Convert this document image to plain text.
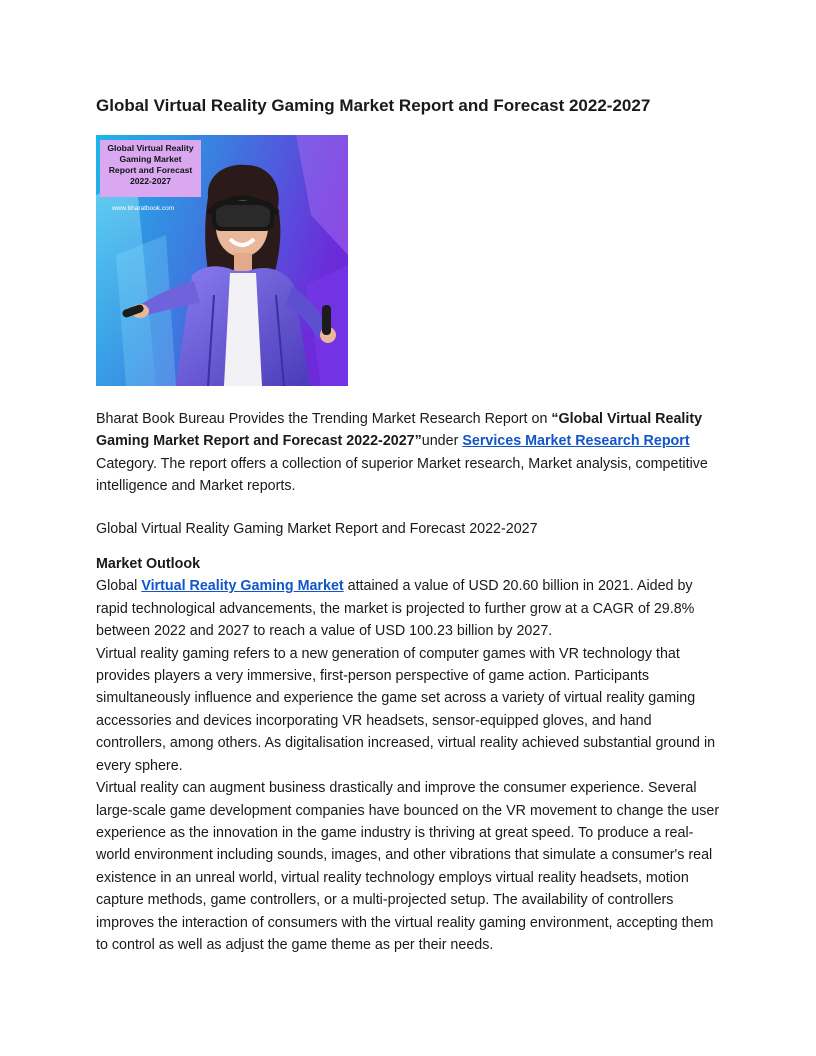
Global Virtual Reality Gaming Market Report and Forecast 2022-2027
Global Virtual Reality
Gaming Market
Report and Forecast
2022-2027
www.bharatbook.com

Bharat Book Bureau Provides the Trending Market Research Report on “Global Virtual Reality Gaming Market Report and Forecast 2022-2027”under Services Market Research Report Category. The report offers a collection of superior Market research, Market analysis, competitive intelligence and Market reports.

Global Virtual Reality Gaming Market Report and Forecast 2022-2027

Market Outlook

Global Virtual Reality Gaming Market attained a value of USD 20.60 billion in 2021. Aided by rapid technological advancements, the market is projected to further grow at a CAGR of 29.8% between 2022 and 2027 to reach a value of USD 100.23 billion by 2027.

Virtual reality gaming refers to a new generation of computer games with VR technology that provides players a very immersive, first-person perspective of game action. Participants simultaneously influence and experience the game set across a variety of virtual reality gaming accessories and devices incorporating VR headsets, sensor-equipped gloves, and hand controllers, among others. As digitalisation increased, virtual reality achieved substantial ground in every sphere.

Virtual reality can augment business drastically and improve the consumer experience. Several large-scale game development companies have bounced on the VR movement to change the user experience as the innovation in the game industry is thriving at great speed. To produce a real-world environment including sounds, images, and other vibrations that simulate a consumer's real existence in an unreal world, virtual reality technology employs virtual reality headsets, motion capture methods, game controllers, or a multi-projected setup. The availability of controllers improves the interaction of consumers with the virtual reality gaming environment, accepting them to control as well as adjust the game theme as per their needs.
